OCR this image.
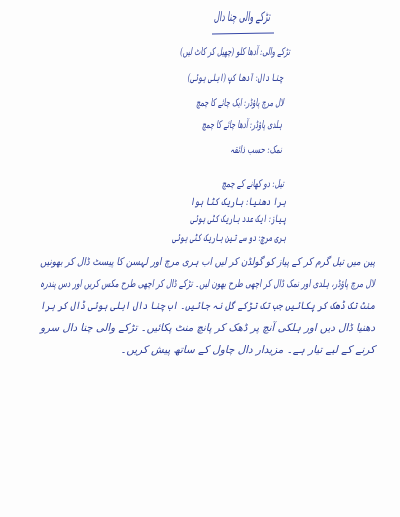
تڑکے والی چنا دال
تڑکے والی: آدھا کلو (چھیل کر کاٹ لیں)
چنا دال: آدھا کپ (ابلی ہوئی)
لال مرچ پاؤڈر: ایک چائے کا چمچ
ہلدی پاؤڈر: آدھا چائے کا چمچ
نمک: حسب ذائقہ
تیل: دو کھانے کے چمچ
ہرا دھنیا: باریک کٹا ہوا
پیاز: ایک عدد باریک کٹی ہوئی
ہری مرچ: دو سے تین باریک کٹی ہوئی
پین میں تیل گرم کر کے پیاز کو گولڈن کر لیں اب ہری مرچ اور لہسن کا پیسٹ ڈال کر بھونیں
لال مرچ پاؤڈر، ہلدی اور نمک ڈال کر اچھی طرح بھون لیں۔ تڑکے ڈال کر اچھی طرح مکس کریں اور دس پندرہ
منٹ تک ڈھک کر پکائیں جب تک تڑکے گل نہ جائیں۔ اب چنا دال ابلی ہوئی ڈال کر ہرا
دھنیا ڈال دیں اور ہلکی آنچ پر ڈھک کر پانچ منٹ پکائیں۔ تڑکے والی چنا دال سرو
کرنے کے لیے تیار ہے۔ مزیدار دال چاول کے ساتھ پیش کریں۔
